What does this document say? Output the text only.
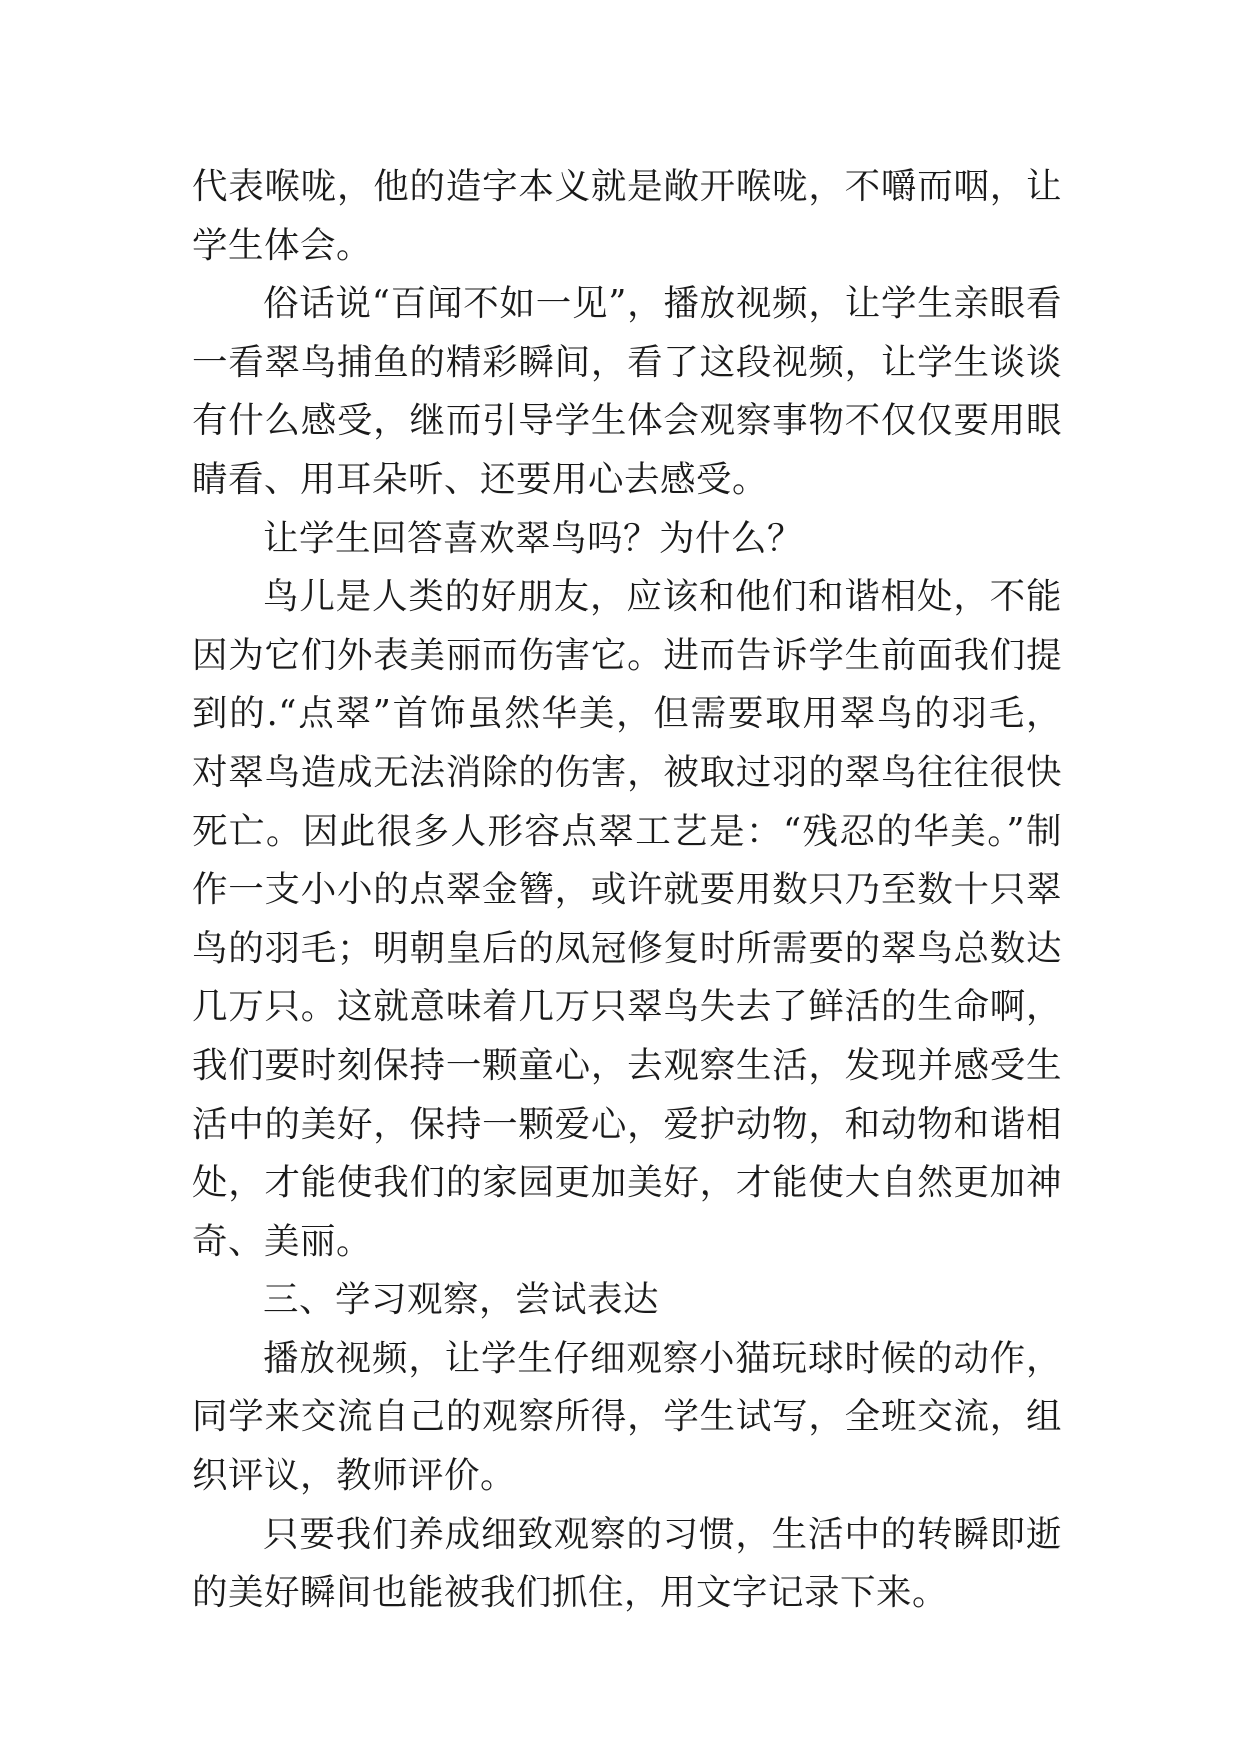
代表喉咙，他的造字本义就是敞开喉咙，不嚼而咽，让学生体会。

俗话说“百闻不如一见”，播放视频，让学生亲眼看一看翠鸟捕鱼的精彩瞬间，看了这段视频，让学生谈谈有什么感受，继而引导学生体会观察事物不仅仅要用眼睛看、用耳朵听、还要用心去感受。

让学生回答喜欢翠鸟吗？为什么？

鸟儿是人类的好朋友，应该和他们和谐相处，不能因为它们外表美丽而伤害它。进而告诉学生前面我们提到的.“点翠”首饰虽然华美，但需要取用翠鸟的羽毛，对翠鸟造成无法消除的伤害，被取过羽的翠鸟往往很快死亡。因此很多人形容点翠工艺是：“残忍的华美。”制作一支小小的点翠金簪，或许就要用数只乃至数十只翠鸟的羽毛；明朝皇后的凤冠修复时所需要的翠鸟总数达几万只。这就意味着几万只翠鸟失去了鲜活的生命啊，我们要时刻保持一颗童心，去观察生活，发现并感受生活中的美好，保持一颗爱心，爱护动物，和动物和谐相处，才能使我们的家园更加美好，才能使大自然更加神奇、美丽。

三、学习观察，尝试表达

播放视频，让学生仔细观察小猫玩球时候的动作，同学来交流自己的观察所得，学生试写，全班交流，组织评议，教师评价。

只要我们养成细致观察的习惯，生活中的转瞬即逝的美好瞬间也能被我们抓住，用文字记录下来。
